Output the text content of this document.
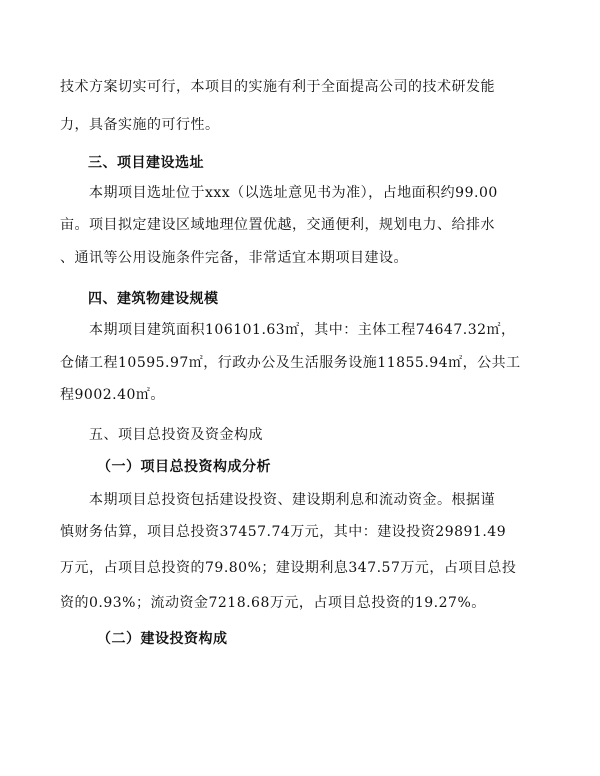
技术方案切实可行，本项目的实施有利于全面提高公司的技术研发能
力，具备实施的可行性。
三、项目建设选址
本期项目选址位于xxx（以选址意见书为准），占地面积约99.00
亩。项目拟定建设区域地理位置优越，交通便利，规划电力、给排水
、通讯等公用设施条件完备，非常适宜本期项目建设。
四、建筑物建设规模
本期项目建筑面积106101.63㎡，其中：主体工程74647.32㎡，
仓储工程10595.97㎡，行政办公及生活服务设施11855.94㎡，公共工
程9002.40㎡。
五、项目总投资及资金构成
（一）项目总投资构成分析
本期项目总投资包括建设投资、建设期利息和流动资金。根据谨
慎财务估算，项目总投资37457.74万元，其中：建设投资29891.49
万元，占项目总投资的79.80%；建设期利息347.57万元，占项目总投
资的0.93%；流动资金7218.68万元，占项目总投资的19.27%。
（二）建设投资构成
